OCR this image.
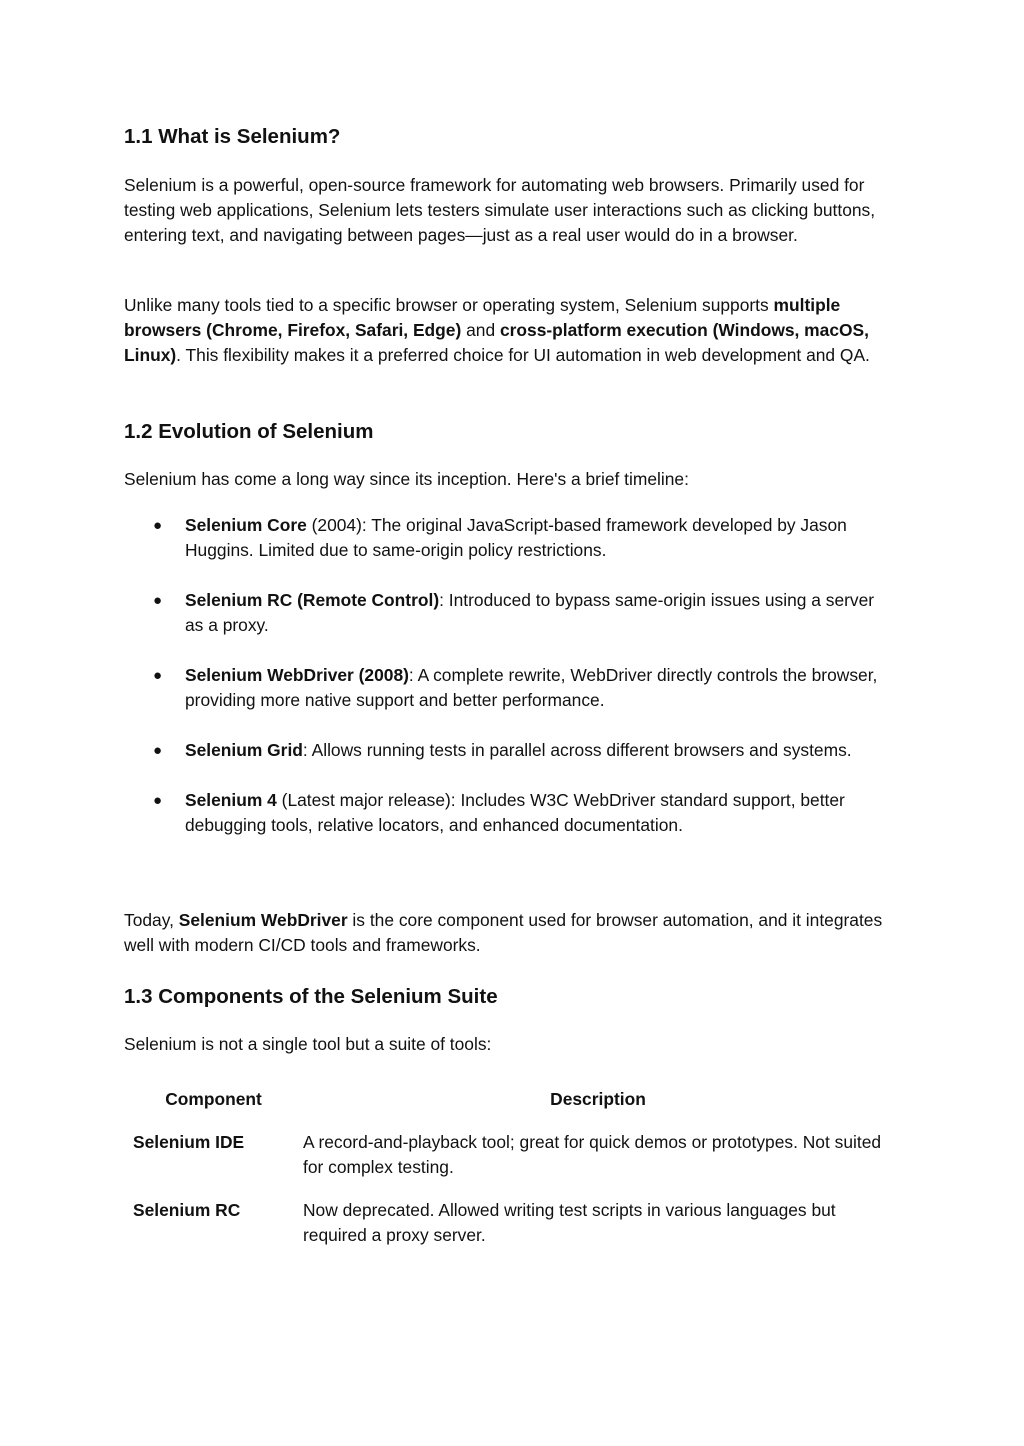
1.1 What is Selenium?

Selenium is a powerful, open-source framework for automating web browsers. Primarily used for testing web applications, Selenium lets testers simulate user interactions such as clicking buttons, entering text, and navigating between pages—just as a real user would do in a browser.

Unlike many tools tied to a specific browser or operating system, Selenium supports multiple browsers (Chrome, Firefox, Safari, Edge) and cross-platform execution (Windows, macOS, Linux). This flexibility makes it a preferred choice for UI automation in web development and QA.

1.2 Evolution of Selenium

Selenium has come a long way since its inception. Here's a brief timeline:

● Selenium Core (2004): The original JavaScript-based framework developed by Jason Huggins. Limited due to same-origin policy restrictions.
● Selenium RC (Remote Control): Introduced to bypass same-origin issues using a server as a proxy.
● Selenium WebDriver (2008): A complete rewrite, WebDriver directly controls the browser, providing more native support and better performance.
● Selenium Grid: Allows running tests in parallel across different browsers and systems.
● Selenium 4 (Latest major release): Includes W3C WebDriver standard support, better debugging tools, relative locators, and enhanced documentation.

Today, Selenium WebDriver is the core component used for browser automation, and it integrates well with modern CI/CD tools and frameworks.

1.3 Components of the Selenium Suite

Selenium is not a single tool but a suite of tools:

Component	Description
Selenium IDE	A record-and-playback tool; great for quick demos or prototypes. Not suited for complex testing.
Selenium RC	Now deprecated. Allowed writing test scripts in various languages but required a proxy server.
